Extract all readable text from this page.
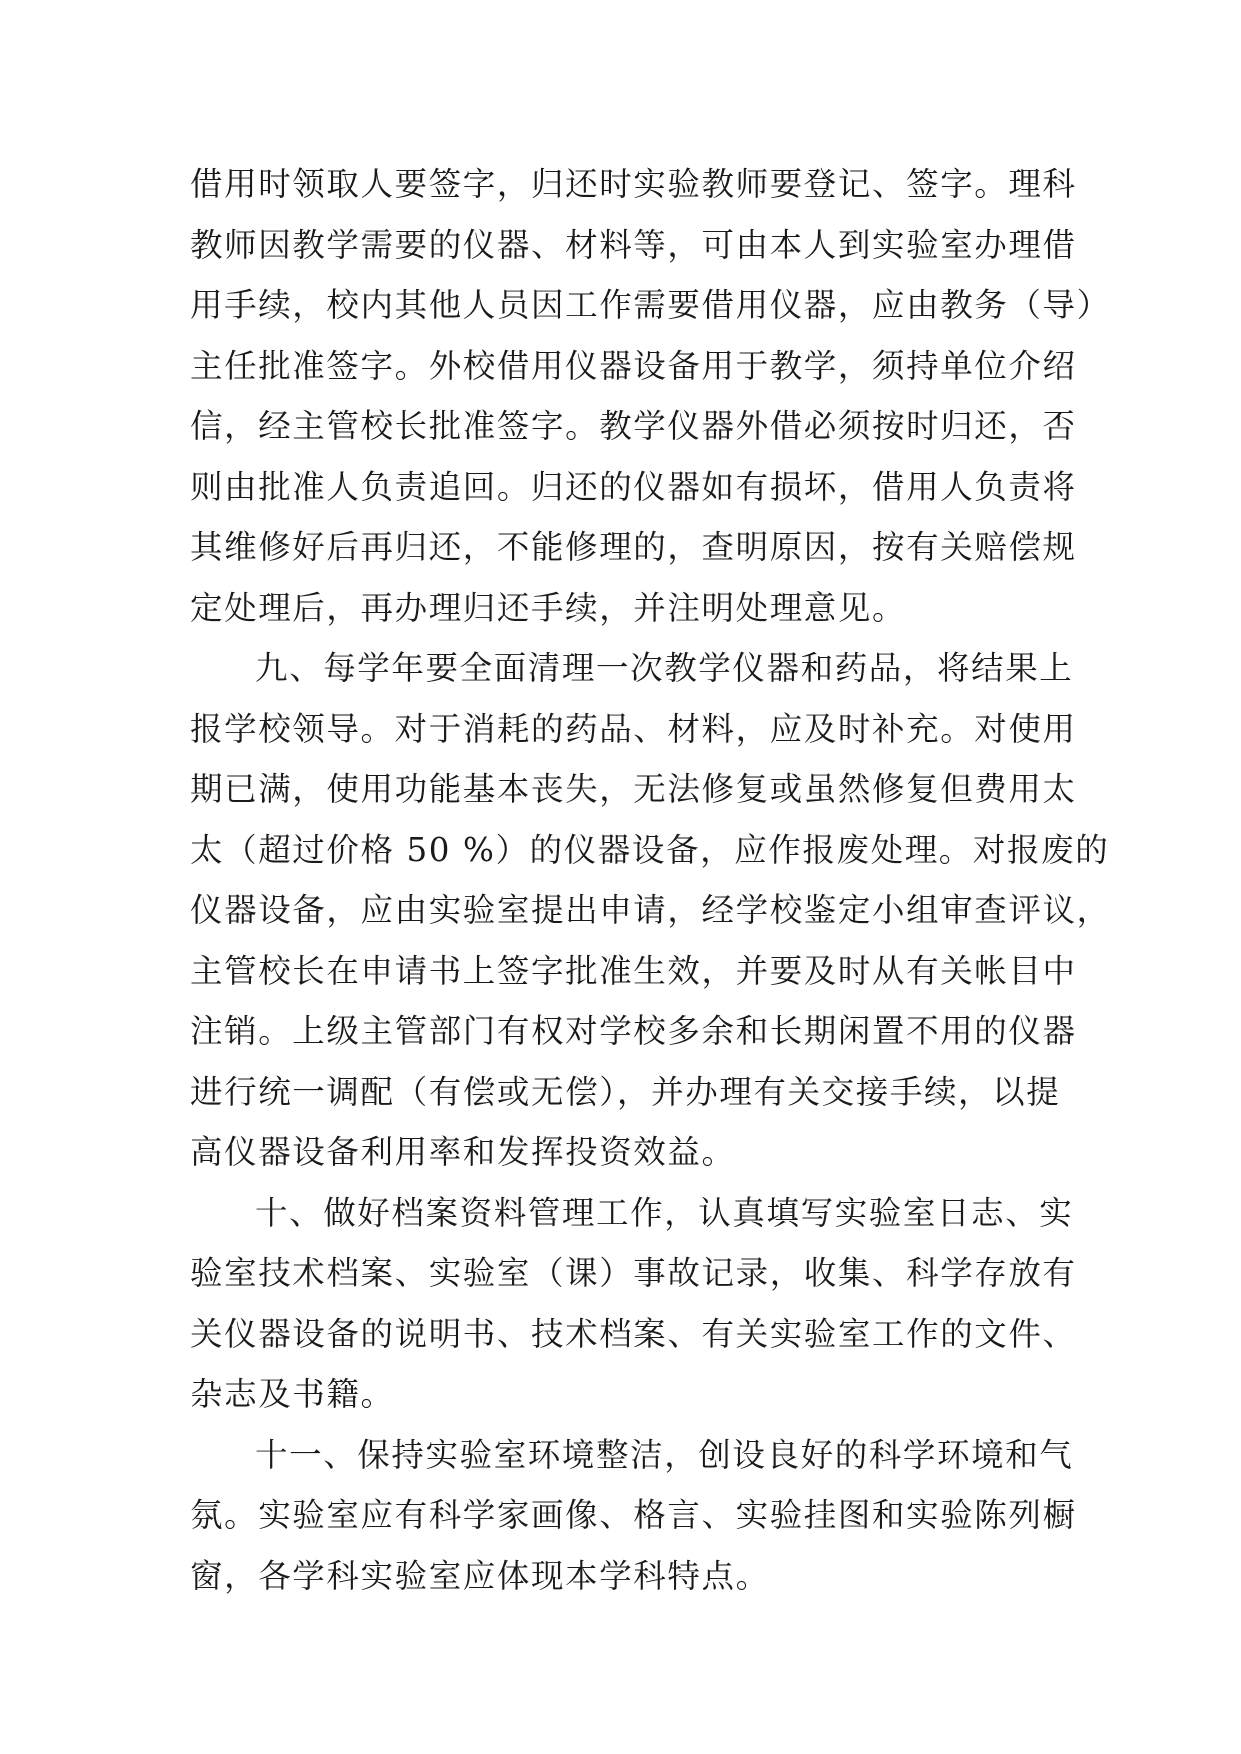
借用时领取人要签字，归还时实验教师要登记、签字。理科
教师因教学需要的仪器、材料等，可由本人到实验室办理借
用手续，校内其他人员因工作需要借用仪器，应由教务（导）
主任批准签字。外校借用仪器设备用于教学，须持单位介绍
信，经主管校长批准签字。教学仪器外借必须按时归还，否
则由批准人负责追回。归还的仪器如有损坏，借用人负责将
其维修好后再归还，不能修理的，查明原因，按有关赔偿规
定处理后，再办理归还手续，并注明处理意见。
九、每学年要全面清理一次教学仪器和药品，将结果上
报学校领导。对于消耗的药品、材料，应及时补充。对使用
期已满，使用功能基本丧失，无法修复或虽然修复但费用太
太（超过价格 50 %）的仪器设备，应作报废处理。对报废的
仪器设备，应由实验室提出申请，经学校鉴定小组审查评议，
主管校长在申请书上签字批准生效，并要及时从有关帐目中
注销。上级主管部门有权对学校多余和长期闲置不用的仪器
进行统一调配（有偿或无偿），并办理有关交接手续，以提
高仪器设备利用率和发挥投资效益。
十、做好档案资料管理工作，认真填写实验室日志、实
验室技术档案、实验室（课）事故记录，收集、科学存放有
关仪器设备的说明书、技术档案、有关实验室工作的文件、
杂志及书籍。
十一、保持实验室环境整洁，创设良好的科学环境和气
氛。实验室应有科学家画像、格言、实验挂图和实验陈列橱
窗，各学科实验室应体现本学科特点。
